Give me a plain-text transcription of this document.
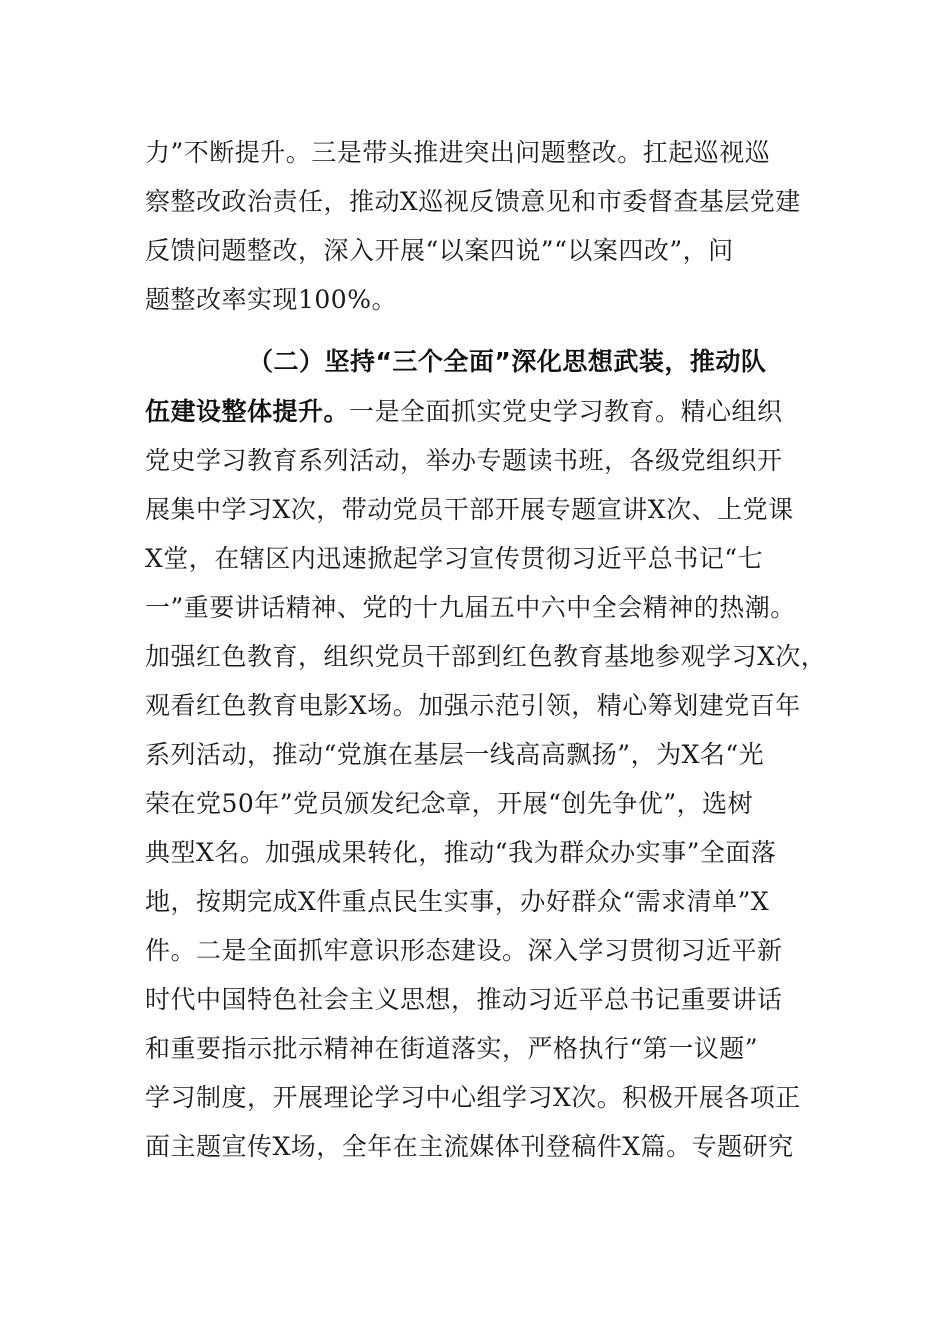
力”不断提升。三是带头推进突出问题整改。扛起巡视巡
察整改政治责任，推动X巡视反馈意见和市委督查基层党建
反馈问题整改，深入开展“以案四说”“以案四改”，问
题整改率实现100%。
（二）坚持“三个全面”深化思想武装，推动队
伍建设整体提升。一是全面抓实党史学习教育。精心组织
党史学习教育系列活动，举办专题读书班，各级党组织开
展集中学习X次，带动党员干部开展专题宣讲X次、上党课
X堂，在辖区内迅速掀起学习宣传贯彻习近平总书记“七
一”重要讲话精神、党的十九届五中六中全会精神的热潮。
加强红色教育，组织党员干部到红色教育基地参观学习X次，
观看红色教育电影X场。加强示范引领，精心筹划建党百年
系列活动，推动“党旗在基层一线高高飘扬”，为X名“光
荣在党50年”党员颁发纪念章，开展“创先争优”，选树
典型X名。加强成果转化，推动“我为群众办实事”全面落
地，按期完成X件重点民生实事，办好群众“需求清单”X
件。二是全面抓牢意识形态建设。深入学习贯彻习近平新
时代中国特色社会主义思想，推动习近平总书记重要讲话
和重要指示批示精神在街道落实，严格执行“第一议题”
学习制度，开展理论学习中心组学习X次。积极开展各项正
面主题宣传X场，全年在主流媒体刊登稿件X篇。专题研究
